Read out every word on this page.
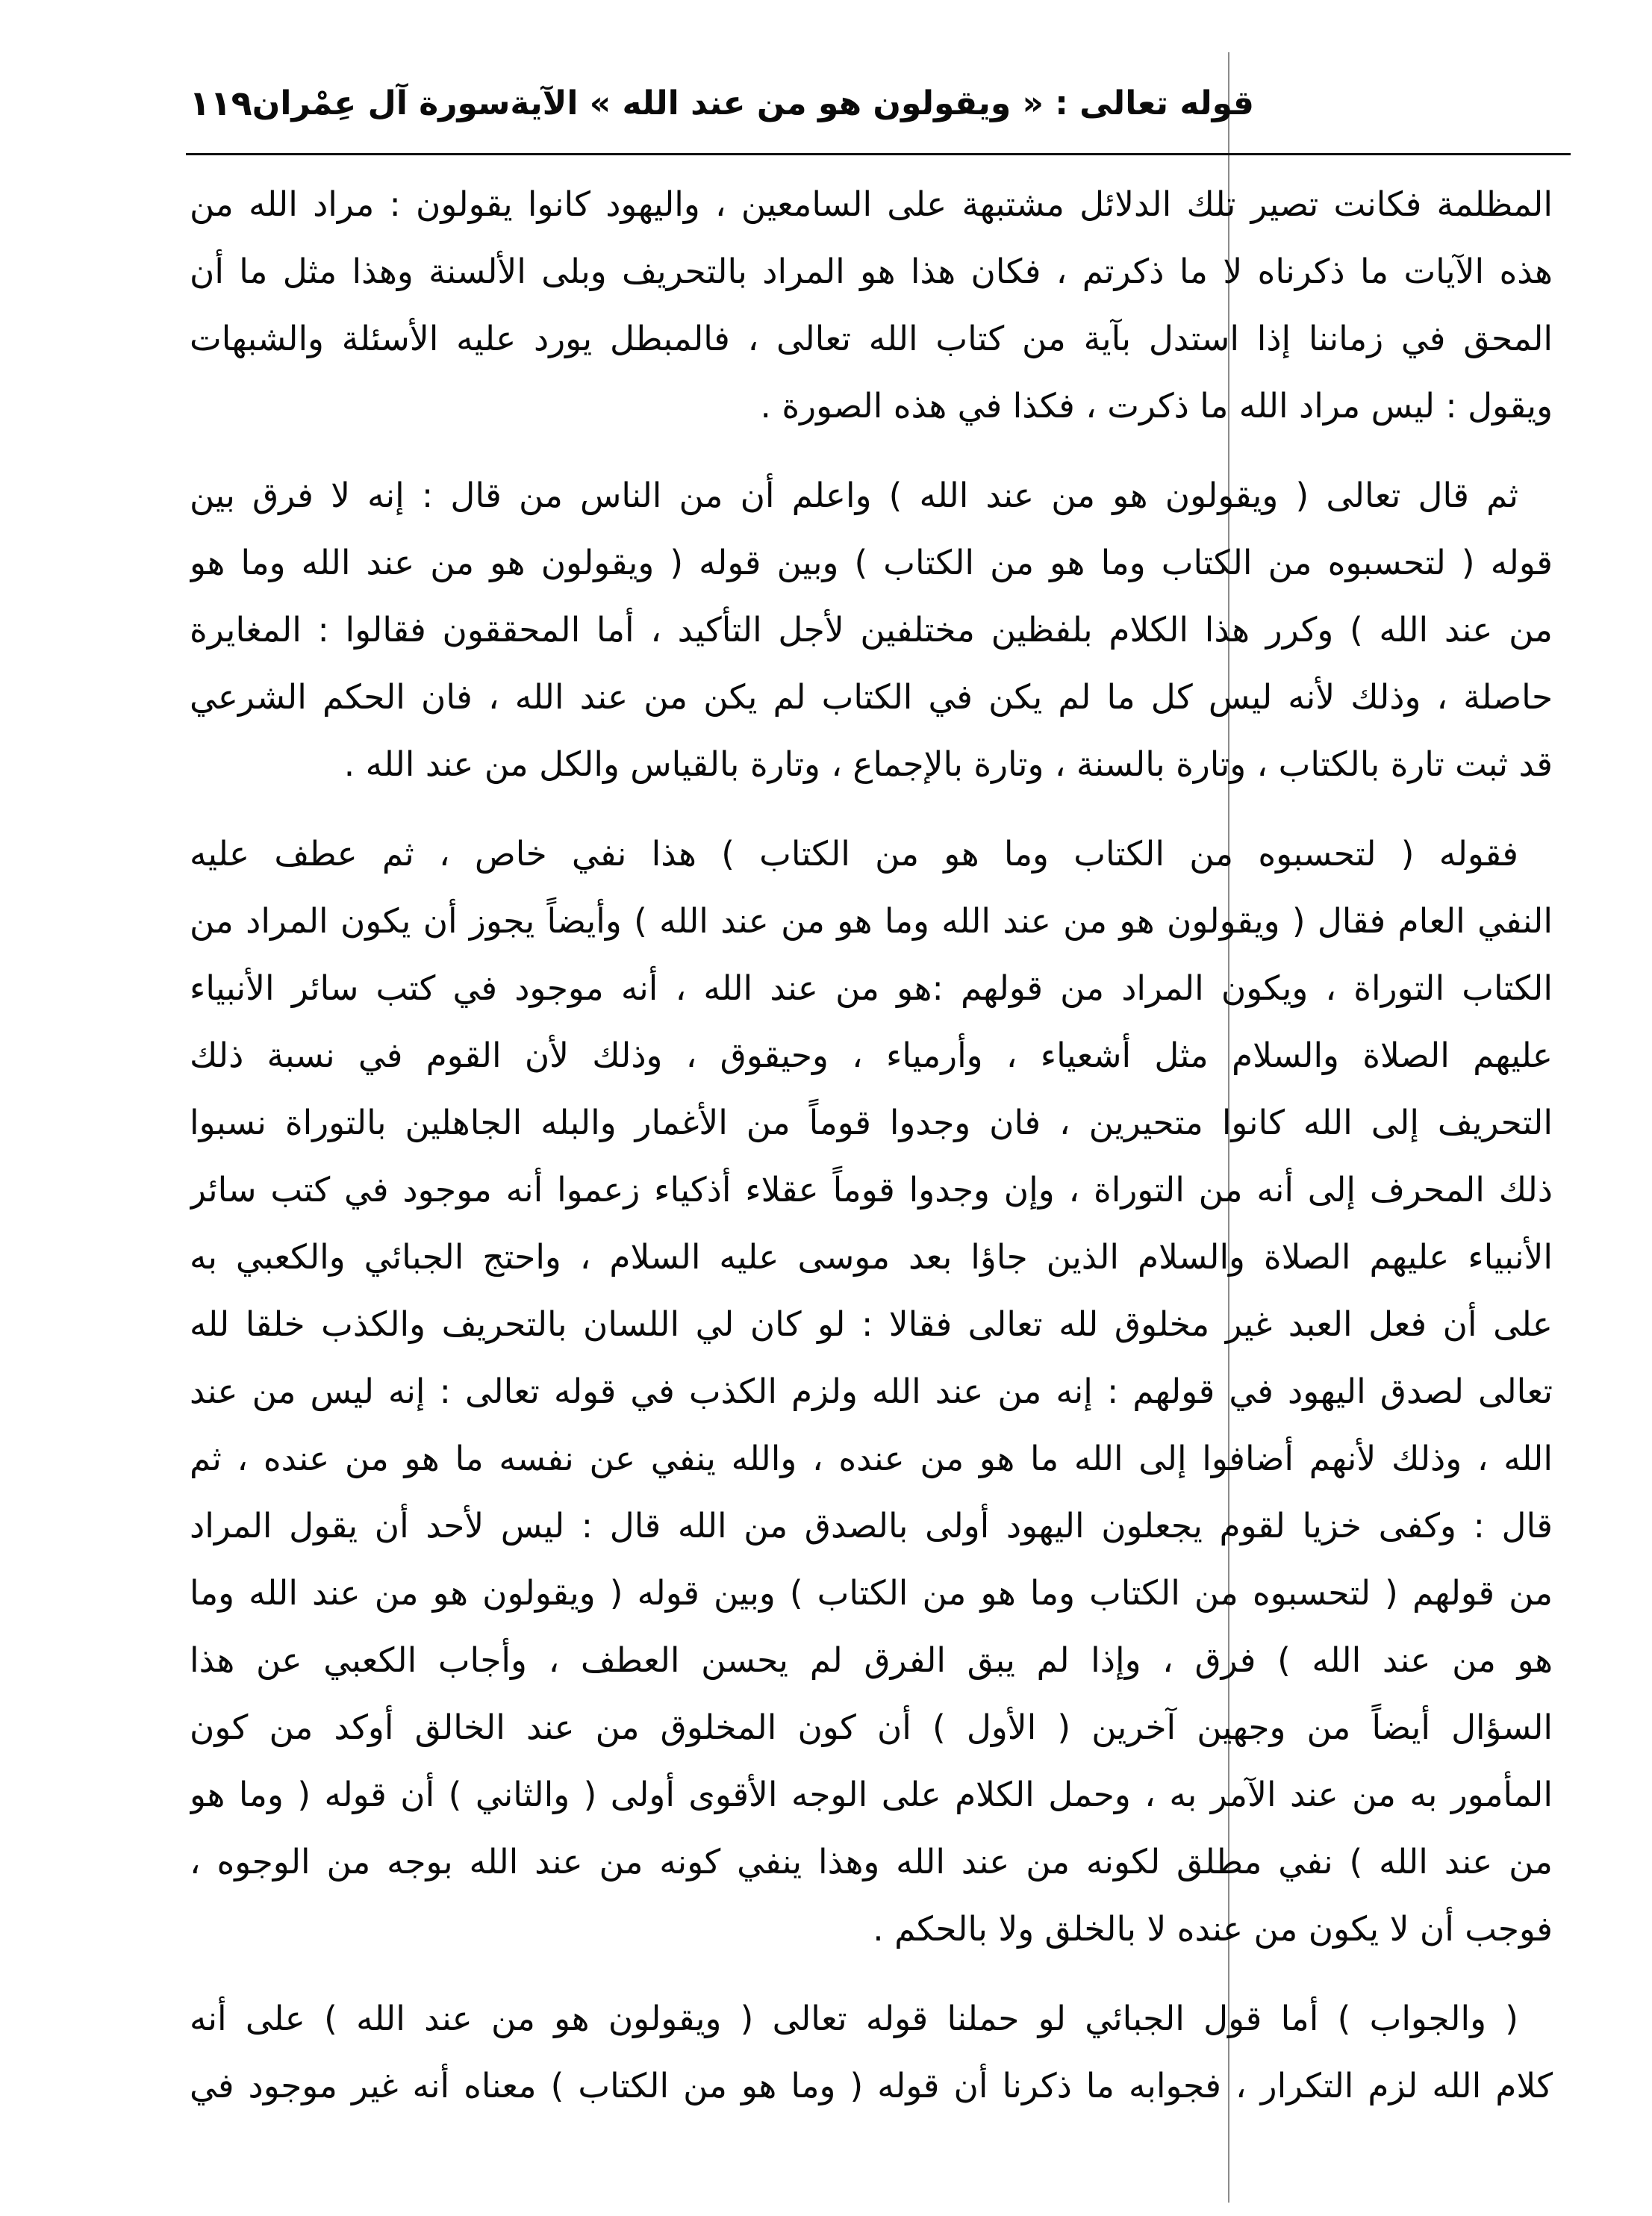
قوله تعالى : « ويقولون هو من عند الله » الآية
سورة آل عِمْران
١١٩
المظلمة فكانت تصير تلك الدلائل مشتبهة على السامعين ، واليهود كانوا يقولون : مراد الله من
هذه الآيات ما ذكرناه لا ما ذكرتم ، فكان هذا هو المراد بالتحريف وبلى الألسنة وهذا مثل ما أن
المحق في زماننا إذا استدل بآية من كتاب الله تعالى ، فالمبطل يورد عليه الأسئلة والشبهات
ويقول : ليس مراد الله ما ذكرت ، فكذا في هذه الصورة .
ثم قال تعالى ( ويقولون هو من عند الله ) واعلم أن من الناس من قال : إنه لا فرق بين
قوله ( لتحسبوه من الكتاب وما هو من الكتاب ) وبين قوله ( ويقولون هو من عند الله وما هو
من عند الله ) وكرر هذا الكلام بلفظين مختلفين لأجل التأكيد ، أما المحققون فقالوا : المغايرة
حاصلة ، وذلك لأنه ليس كل ما لم يكن في الكتاب لم يكن من عند الله ، فان الحكم الشرعي
قد ثبت تارة بالكتاب ، وتارة بالسنة ، وتارة بالإجماع ، وتارة بالقياس والكل من عند الله .
فقوله ( لتحسبوه من الكتاب وما هو من الكتاب ) هذا نفي خاص ، ثم عطف عليه
النفي العام فقال ( ويقولون هو من عند الله وما هو من عند الله ) وأيضاً يجوز أن يكون المراد من
الكتاب التوراة ، ويكون المراد من قولهم :هو من عند الله ، أنه موجود في كتب سائر الأنبياء
عليهم الصلاة والسلام مثل أشعياء ، وأرمياء ، وحيقوق ، وذلك لأن القوم في نسبة ذلك
التحريف إلى الله كانوا متحيرين ، فان وجدوا قوماً من الأغمار والبله الجاهلين بالتوراة نسبوا
ذلك المحرف إلى أنه من التوراة ، وإن وجدوا قوماً عقلاء أذكياء زعموا أنه موجود في كتب سائر
الأنبياء عليهم الصلاة والسلام الذين جاؤا بعد موسى عليه السلام ، واحتج الجبائي والكعبي به
على أن فعل العبد غير مخلوق لله تعالى فقالا : لو كان لي اللسان بالتحريف والكذب خلقا لله
تعالى لصدق اليهود في قولهم : إنه من عند الله ولزم الكذب في قوله تعالى : إنه ليس من عند
الله ، وذلك لأنهم أضافوا إلى الله ما هو من عنده ، والله ينفي عن نفسه ما هو من عنده ، ثم
قال : وكفى خزيا لقوم يجعلون اليهود أولى بالصدق من الله قال : ليس لأحد أن يقول المراد
من قولهم ( لتحسبوه من الكتاب وما هو من الكتاب ) وبين قوله ( ويقولون هو من عند الله وما
هو من عند الله ) فرق ، وإذا لم يبق الفرق لم يحسن العطف ، وأجاب الكعبي عن هذا
السؤال أيضاً من وجهين آخرين ( الأول ) أن كون المخلوق من عند الخالق أوكد من كون
المأمور به من عند الآمر به ، وحمل الكلام على الوجه الأقوى أولى ( والثاني ) أن قوله ( وما هو
من عند الله ) نفي مطلق لكونه من عند الله وهذا ينفي كونه من عند الله بوجه من الوجوه ،
فوجب أن لا يكون من عنده لا بالخلق ولا بالحكم .
( والجواب ) أما قول الجبائي لو حملنا قوله تعالى ( ويقولون هو من عند الله ) على أنه
كلام الله لزم التكرار ، فجوابه ما ذكرنا أن قوله ( وما هو من الكتاب ) معناه أنه غير موجود في
